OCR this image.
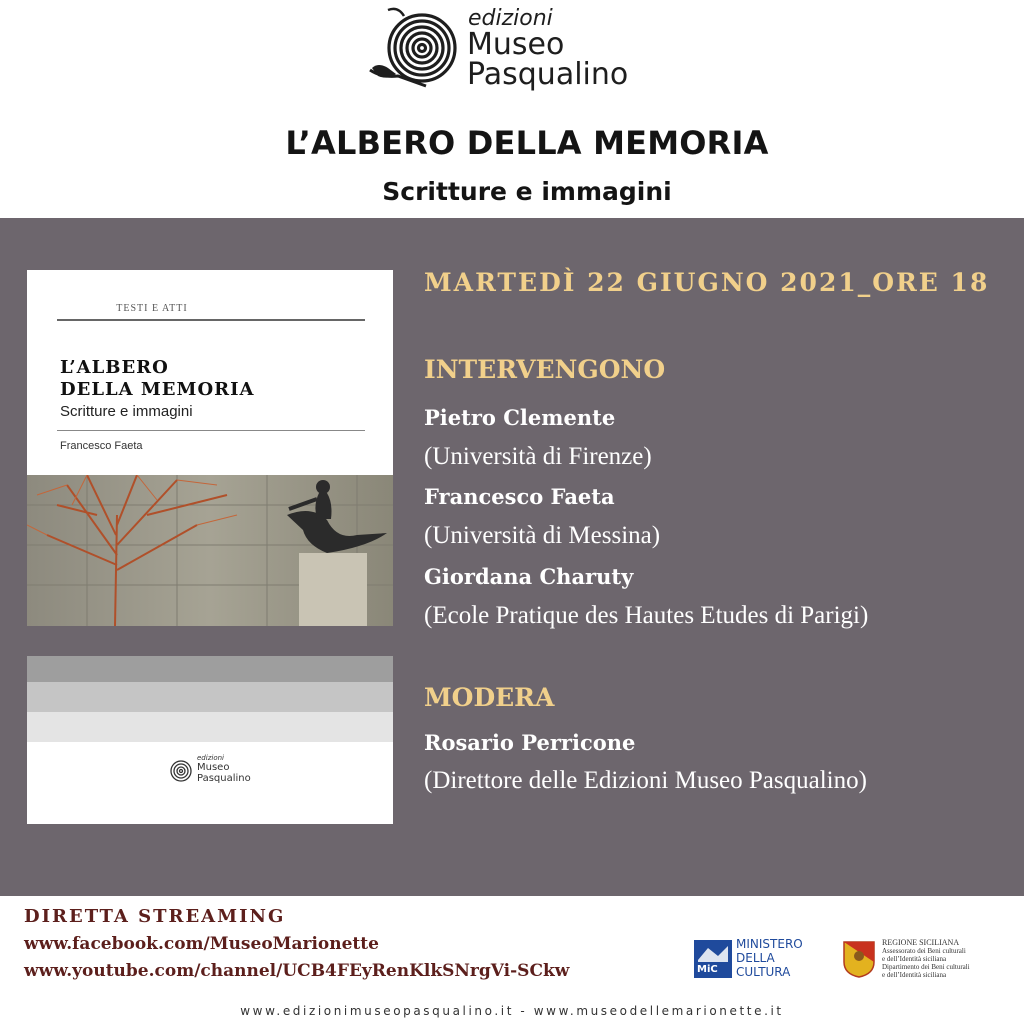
edizioni
Museo
Pasqualino
L’ALBERO DELLA MEMORIA
Scritture e immagini
TESTI E ATTI
L’ALBERO
DELLA MEMORIA
Scritture e immagini
Francesco Faeta
edizioni
Museo
Pasqualino
MARTEDÌ 22 GIUGNO 2021_ORE 18
INTERVENGONO
Pietro Clemente
(Università di Firenze)
Francesco Faeta
(Università di Messina)
Giordana Charuty
(Ecole Pratique des Hautes Etudes di Parigi)
MODERA
Rosario Perricone
(Direttore delle Edizioni Museo Pasqualino)
DIRETTA STREAMING
www.facebook.com/MuseoMarionette
www.youtube.com/channel/UCB4FEyRenKlkSNrgVi-SCkw	MiC
MINISTERO
DELLA
CULTURA
REGIONE SICILIANA
Assessorato dei Beni culturali
e dell’Identità siciliana
Dipartimento dei Beni culturali
e dell’Identità siciliana
www.edizionimuseopasqualino.it - www.museodellemarionette.it
